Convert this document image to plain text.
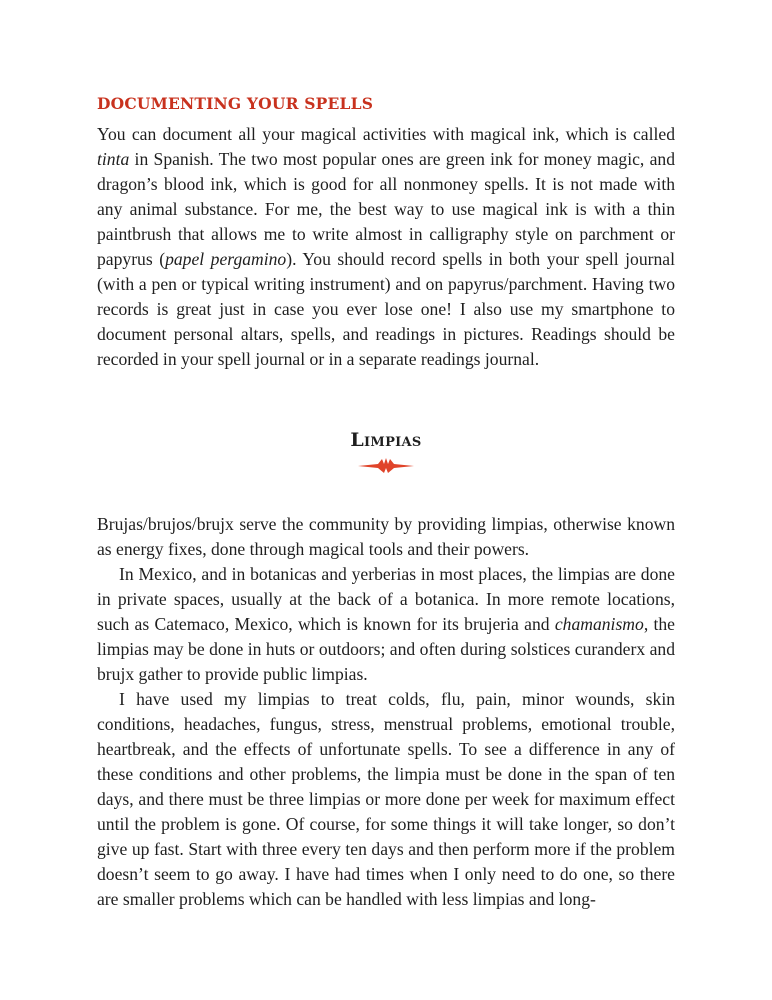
DOCUMENTING YOUR SPELLS

You can document all your magical activities with magical ink, which is called tinta in Spanish. The two most popular ones are green ink for money magic, and dragon’s blood ink, which is good for all nonmoney spells. It is not made with any animal substance. For me, the best way to use magical ink is with a thin paintbrush that allows me to write almost in calligraphy style on parchment or papyrus (papel pergamino). You should record spells in both your spell journal (with a pen or typical writing instrument) and on papyrus/parchment. Having two records is great just in case you ever lose one! I also use my smartphone to document personal altars, spells, and readings in pictures. Readings should be recorded in your spell journal or in a separate readings journal.

Limpias

Brujas/brujos/brujx serve the community by providing limpias, otherwise known as energy fixes, done through magical tools and their powers.

In Mexico, and in botanicas and yerberias in most places, the limpias are done in private spaces, usually at the back of a botanica. In more remote locations, such as Catemaco, Mexico, which is known for its brujeria and chamanismo, the limpias may be done in huts or outdoors; and often during solstices curanderx and brujx gather to provide public limpias.

I have used my limpias to treat colds, flu, pain, minor wounds, skin conditions, headaches, fungus, stress, menstrual problems, emotional trouble, heartbreak, and the effects of unfortunate spells. To see a difference in any of these conditions and other problems, the limpia must be done in the span of ten days, and there must be three limpias or more done per week for maximum effect until the problem is gone. Of course, for some things it will take longer, so don’t give up fast. Start with three every ten days and then perform more if the problem doesn’t seem to go away. I have had times when I only need to do one, so there are smaller problems which can be handled with less limpias and long-
